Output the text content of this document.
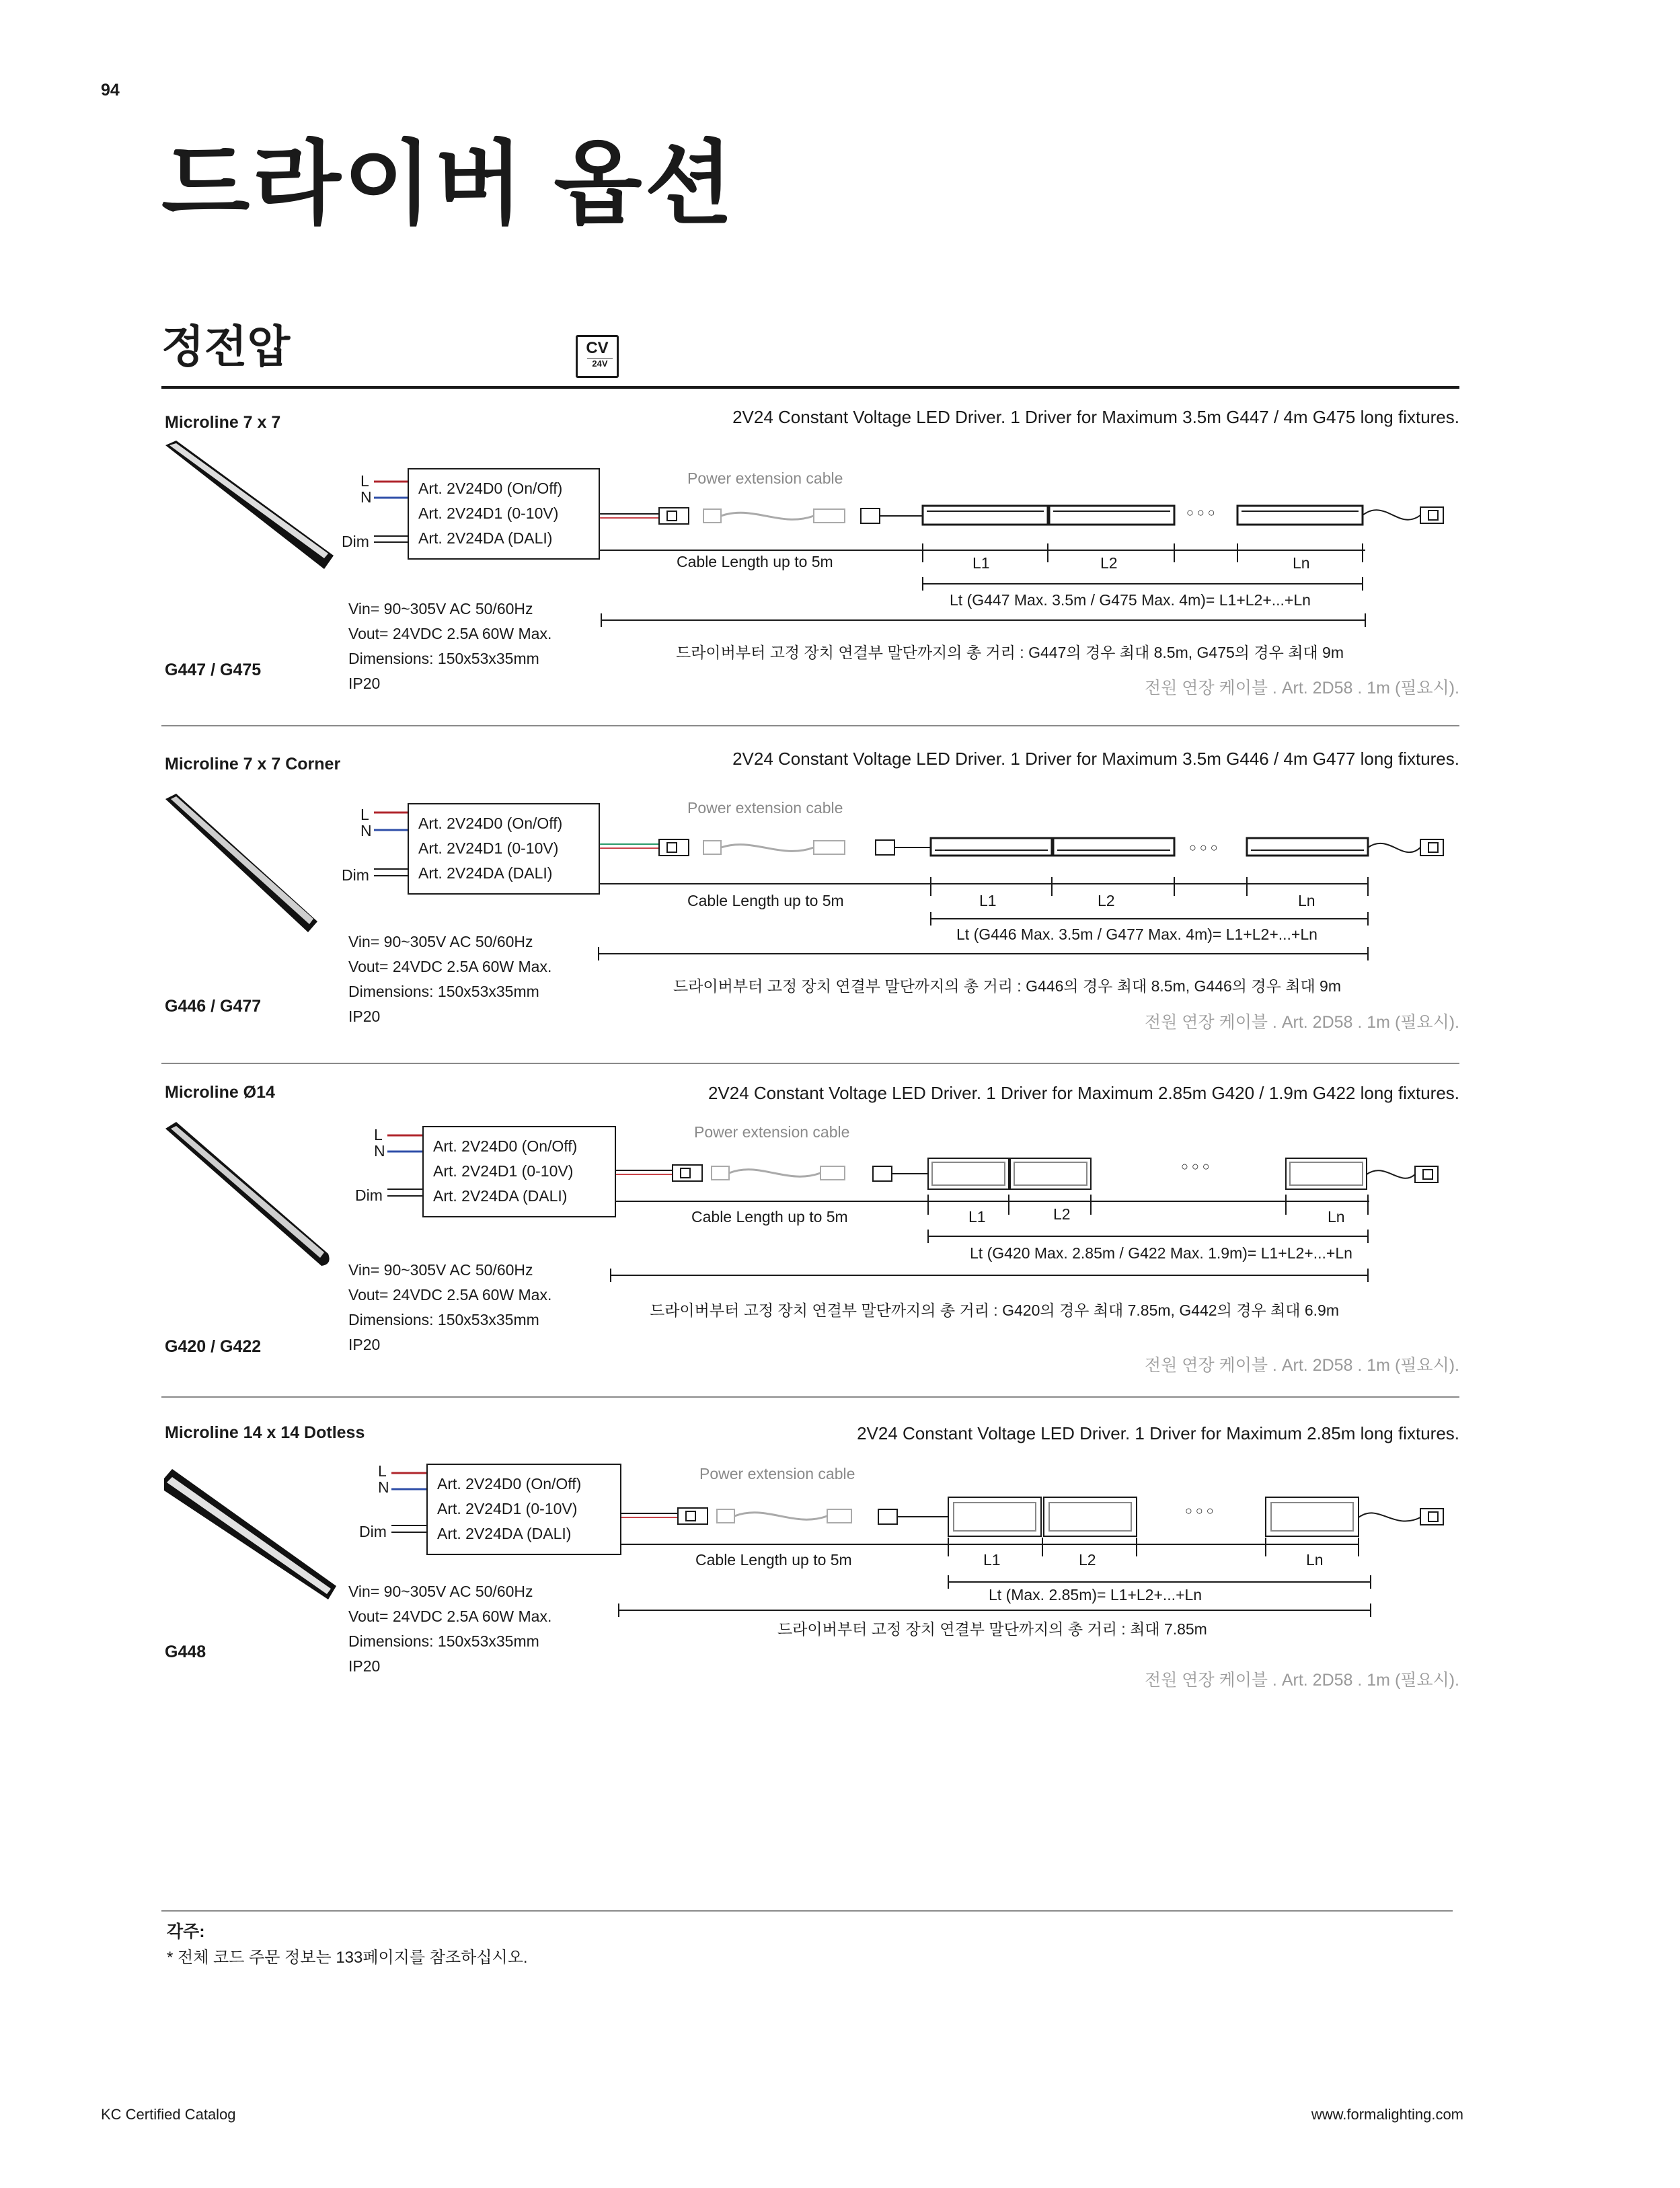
94
드라이버 옵션
정전압	CV
24V
Microline 7 x 7	2V24 Constant Voltage LED Driver. 1 Driver for Maximum 3.5m G447 / 4m G475 long fixtures.
G447 / G475
Vin= 90~305V AC 50/60Hz
Vout= 24VDC 2.5A 60W Max.
Dimensions: 150x53x35mm
IP20
Art. 2V24D0 (On/Off)
Art. 2V24D1 (0-10V)
Art. 2V24DA (DALI)
L
N
Dim
Power extension cable
Cable Length up to 5m	L1	L2	Ln
○ ○ ○
Lt (G447 Max. 3.5m / G475 Max. 4m)= L1+L2+...+Ln
드라이버부터 고정 장치 연결부 말단까지의 총 거리 : G447의 경우 최대 8.5m, G475의 경우 최대 9m
전원 연장 케이블 . Art. 2D58 . 1m (필요시).
Microline 7 x 7 Corner	2V24 Constant Voltage LED Driver. 1 Driver for Maximum 3.5m G446 / 4m G477 long fixtures.
G446 / G477
Vin= 90~305V AC 50/60Hz
Vout= 24VDC 2.5A 60W Max.
Dimensions: 150x53x35mm
IP20
Art. 2V24D0 (On/Off)
Art. 2V24D1 (0-10V)
Art. 2V24DA (DALI)
L
N
Dim
Power extension cable
Cable Length up to 5m	L1	L2	Ln
○ ○ ○
Lt (G446 Max. 3.5m / G477 Max. 4m)= L1+L2+...+Ln
드라이버부터 고정 장치 연결부 말단까지의 총 거리 : G446의 경우 최대 8.5m, G446의 경우 최대 9m
전원 연장 케이블 . Art. 2D58 . 1m (필요시).
Microline Ø14	2V24 Constant Voltage LED Driver. 1 Driver for Maximum 2.85m G420 / 1.9m G422 long fixtures.
G420 / G422
Vin= 90~305V AC 50/60Hz
Vout= 24VDC 2.5A 60W Max.
Dimensions: 150x53x35mm
IP20
Art. 2V24D0 (On/Off)
Art. 2V24D1 (0-10V)
Art. 2V24DA (DALI)
L
N
Dim
Power extension cable
Cable Length up to 5m	L1	L2	Ln
○ ○ ○
Lt (G420 Max. 2.85m / G422 Max. 1.9m)= L1+L2+...+Ln
드라이버부터 고정 장치 연결부 말단까지의 총 거리 : G420의 경우 최대 7.85m, G442의 경우 최대 6.9m
전원 연장 케이블 . Art. 2D58 . 1m (필요시).
Microline 14 x 14 Dotless	2V24 Constant Voltage LED Driver. 1 Driver for Maximum 2.85m long fixtures.
G448
Vin= 90~305V AC 50/60Hz
Vout= 24VDC 2.5A 60W Max.
Dimensions: 150x53x35mm
IP20
Art. 2V24D0 (On/Off)
Art. 2V24D1 (0-10V)
Art. 2V24DA (DALI)
L
N
Dim
Power extension cable
Cable Length up to 5m	L1	L2	Ln
○ ○ ○
Lt (Max. 2.85m)= L1+L2+...+Ln
드라이버부터 고정 장치 연결부 말단까지의 총 거리 : 최대 7.85m
전원 연장 케이블 . Art. 2D58 . 1m (필요시).
각주:
* 전체 코드 주문 정보는 133페이지를 참조하십시오.
KC Certified Catalog	www.formalighting.com
